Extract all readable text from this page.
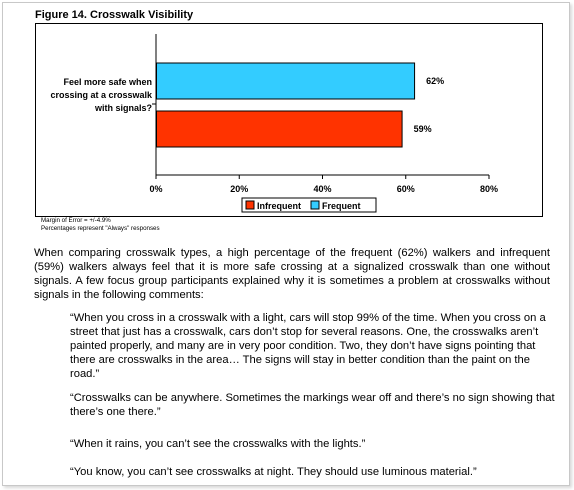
Figure 14. Crosswalk Visibility
Feel more safe when crossing at a crosswalk with signals?
0%	20%	40%	60%	80%
62%
59%
Infrequent Frequent
Margin of Error = +/-4.9%
Percentages represent "Always" responses
When comparing crosswalk types, a high percentage of the frequent (62%) walkers and infrequent (59%) walkers always feel that it is more safe crossing at a signalized crosswalk than one without signals. A few focus group participants explained why it is sometimes a problem at crosswalks without signals in the following comments:
“When you cross in a crosswalk with a light, cars will stop 99% of the time. When you cross on a street that just has a crosswalk, cars don’t stop for several reasons. One, the crosswalks aren’t painted properly, and many are in very poor condition. Two, they don’t have signs pointing that there are crosswalks in the area… The signs will stay in better condition than the paint on the road.”
“Crosswalks can be anywhere. Sometimes the markings wear off and there’s no sign showing that there’s one there.”
“When it rains, you can’t see the crosswalks with the lights.”
“You know, you can’t see crosswalks at night. They should use luminous material.”
